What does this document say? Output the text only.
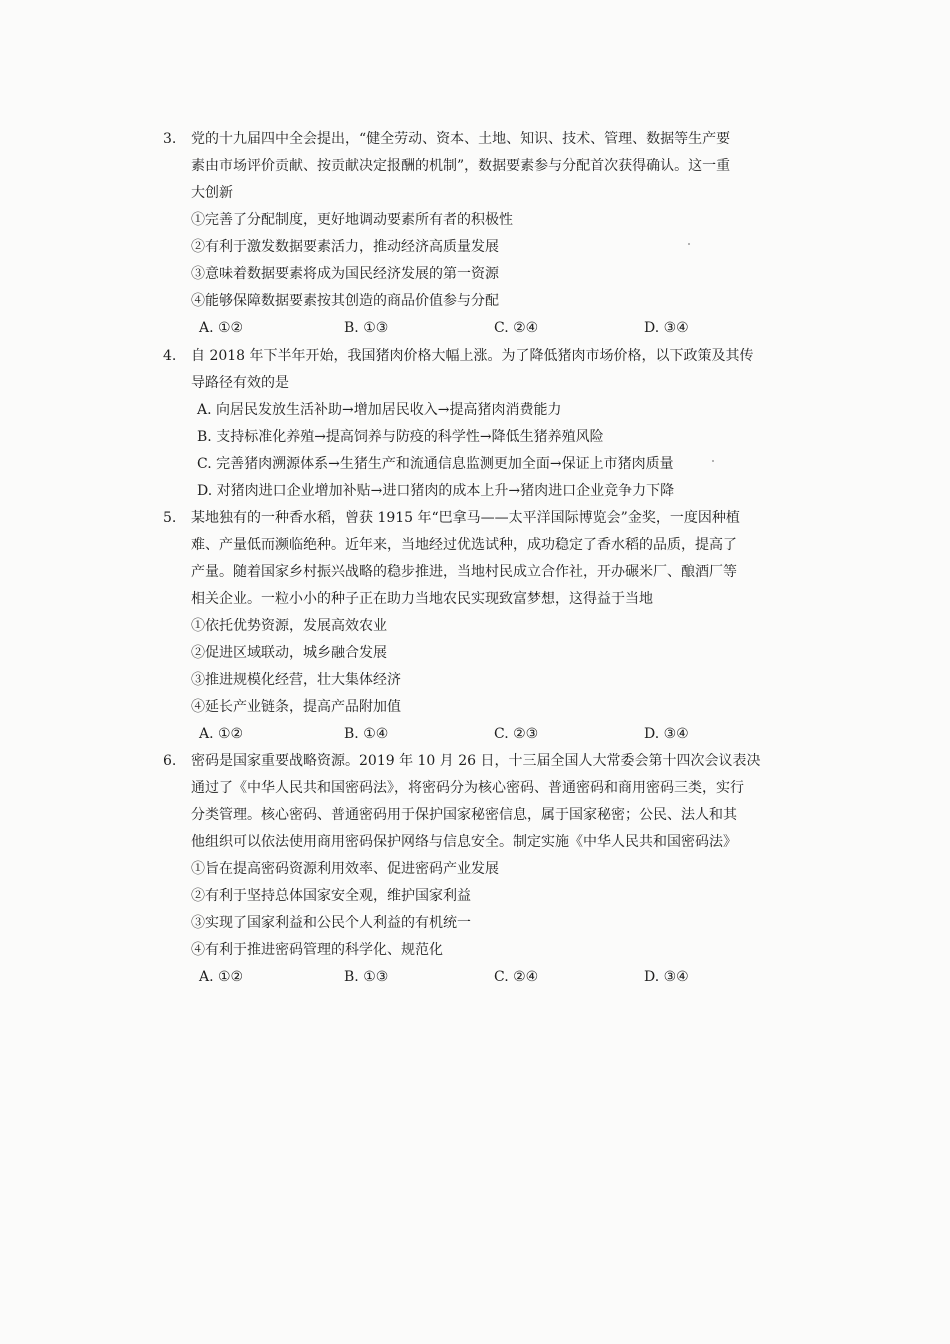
3. 党的十九届四中全会提出，“健全劳动、资本、土地、知识、技术、管理、数据等生产要
素由市场评价贡献、按贡献决定报酬的机制”，数据要素参与分配首次获得确认。这一重
大创新
①完善了分配制度，更好地调动要素所有者的积极性
②有利于激发数据要素活力，推动经济高质量发展
③意味着数据要素将成为国民经济发展的第一资源
④能够保障数据要素按其创造的商品价值参与分配
A. ①②	B. ①③	C. ②④	D. ③④
4. 自 2018 年下半年开始，我国猪肉价格大幅上涨。为了降低猪肉市场价格，以下政策及其传
导路径有效的是
A. 向居民发放生活补助→增加居民收入→提高猪肉消费能力
B. 支持标准化养殖→提高饲养与防疫的科学性→降低生猪养殖风险
C. 完善猪肉溯源体系→生猪生产和流通信息监测更加全面→保证上市猪肉质量
D. 对猪肉进口企业增加补贴→进口猪肉的成本上升→猪肉进口企业竞争力下降
5. 某地独有的一种香水稻，曾获 1915 年“巴拿马——太平洋国际博览会”金奖，一度因种植
难、产量低而濒临绝种。近年来，当地经过优选试种，成功稳定了香水稻的品质，提高了
产量。随着国家乡村振兴战略的稳步推进，当地村民成立合作社，开办碾米厂、酿酒厂等
相关企业。一粒小小的种子正在助力当地农民实现致富梦想，这得益于当地
①依托优势资源，发展高效农业
②促进区域联动，城乡融合发展
③推进规模化经营，壮大集体经济
④延长产业链条，提高产品附加值
A. ①②	B. ①④	C. ②③	D. ③④
6. 密码是国家重要战略资源。2019 年 10 月 26 日，十三届全国人大常委会第十四次会议表决
通过了《中华人民共和国密码法》，将密码分为核心密码、普通密码和商用密码三类，实行
分类管理。核心密码、普通密码用于保护国家秘密信息，属于国家秘密；公民、法人和其
他组织可以依法使用商用密码保护网络与信息安全。制定实施《中华人民共和国密码法》
①旨在提高密码资源利用效率、促进密码产业发展
②有利于坚持总体国家安全观，维护国家利益
③实现了国家利益和公民个人利益的有机统一
④有利于推进密码管理的科学化、规范化
A. ①②	B. ①③	C. ②④	D. ③④
